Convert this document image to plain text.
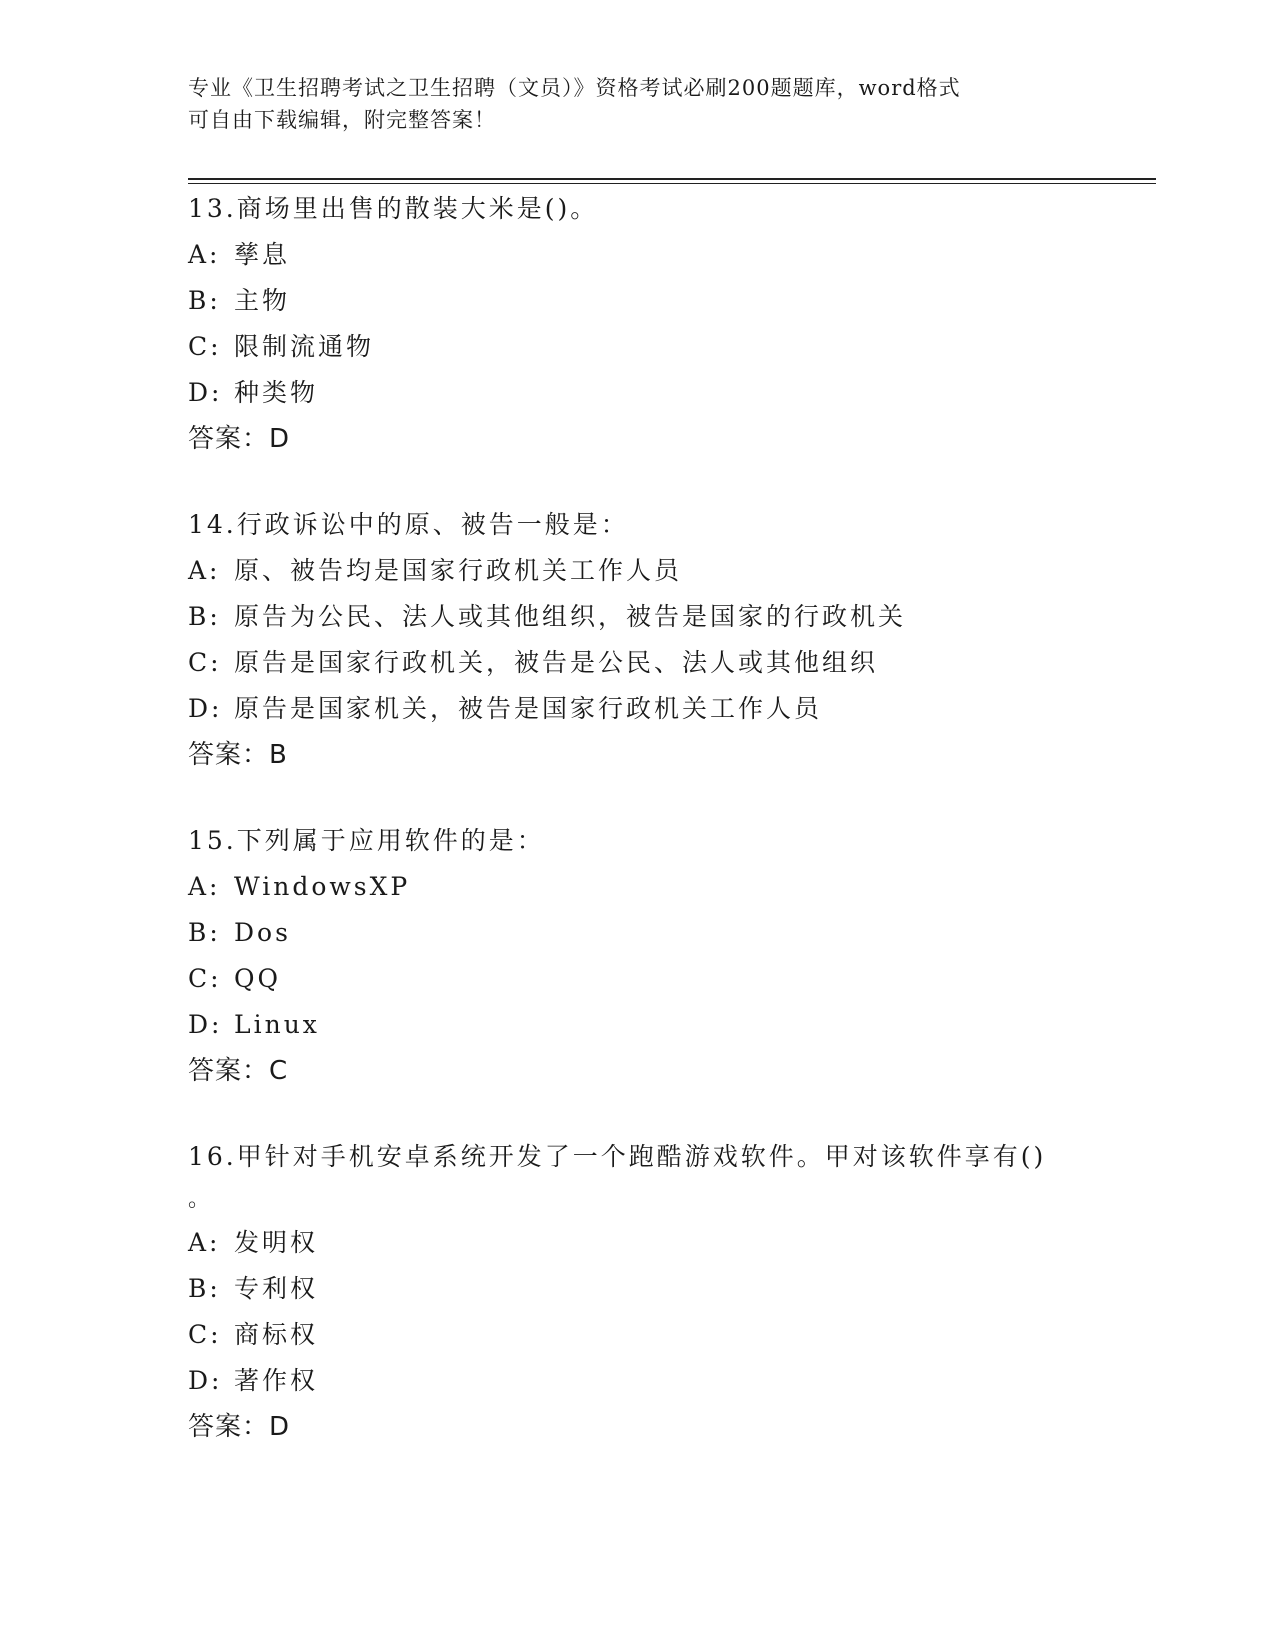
专业《卫生招聘考试之卫生招聘（文员）》资格考试必刷200题题库，word格式
可自由下载编辑，附完整答案！
13.商场里出售的散装大米是()。
A: 孳息
B: 主物
C: 限制流通物
D: 种类物
答案：D
14.行政诉讼中的原、被告一般是：
A: 原、被告均是国家行政机关工作人员
B: 原告为公民、法人或其他组织，被告是国家的行政机关
C: 原告是国家行政机关，被告是公民、法人或其他组织
D: 原告是国家机关，被告是国家行政机关工作人员
答案：B
15.下列属于应用软件的是：
A: WindowsXP
B: Dos
C: QQ
D: Linux
答案：C
16.甲针对手机安卓系统开发了一个跑酷游戏软件。甲对该软件享有()
。
A: 发明权
B: 专利权
C: 商标权
D: 著作权
答案：D
